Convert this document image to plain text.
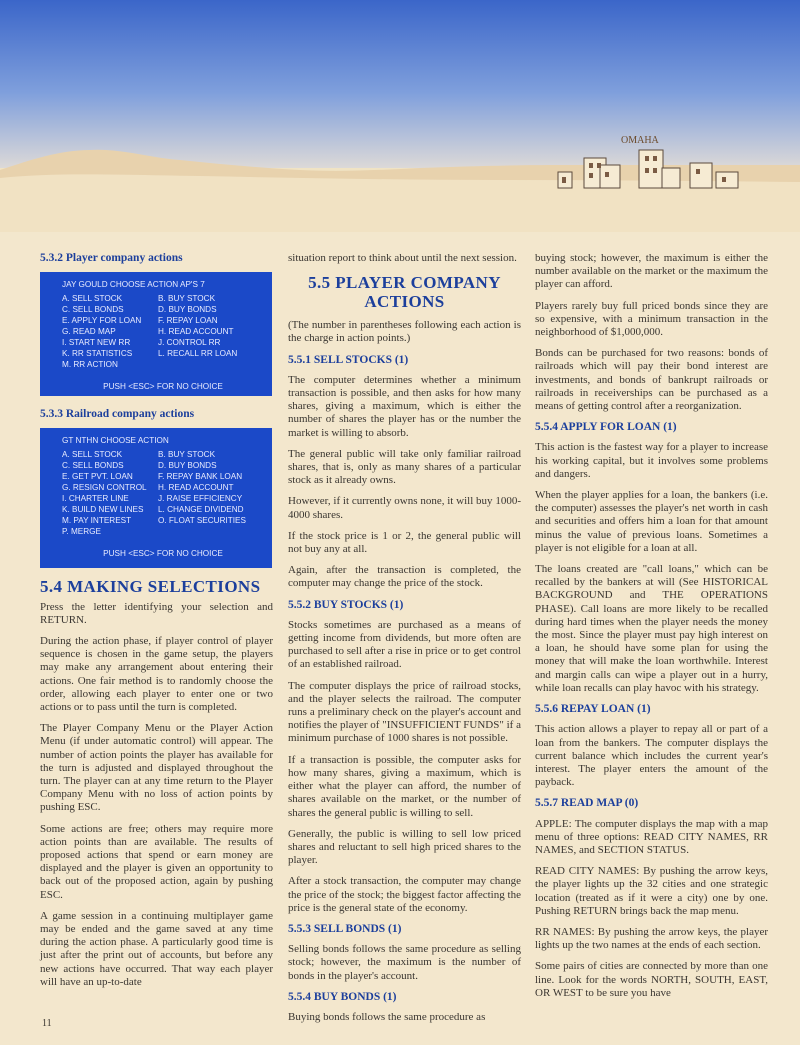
OMAHA
5.3.2 Player company actions
JAY GOULD CHOOSE ACTION AP'S 7
A. SELL STOCK	B. BUY STOCK
C. SELL BONDS	D. BUY BONDS
E. APPLY FOR LOAN	F. REPAY LOAN
G. READ MAP	H. READ ACCOUNT
I. START NEW RR	J. CONTROL RR
K. RR STATISTICS	L. RECALL RR LOAN
M. RR ACTION
PUSH <ESC> FOR NO CHOICE
5.3.3 Railroad company actions
GT NTHN CHOOSE ACTION
A. SELL STOCK	B. BUY STOCK
C. SELL BONDS	D. BUY BONDS
E. GET PVT. LOAN	F. REPAY BANK LOAN
G. RESIGN CONTROL	H. READ ACCOUNT
I. CHARTER LINE	J. RAISE EFFICIENCY
K. BUILD NEW LINES	L. CHANGE DIVIDEND
M. PAY INTEREST	O. FLOAT SECURITIES
P. MERGE
PUSH <ESC> FOR NO CHOICE
5.4 MAKING SELECTIONS

Press the letter identifying your selection and RETURN.

During the action phase, if player control of player sequence is chosen in the game setup, the players may make any arrangement about entering their actions. One fair method is to randomly choose the order, allowing each player to enter one or two actions or to pass until the turn is completed.

The Player Company Menu or the Player Action Menu (if under automatic control) will appear. The number of action points the player has available for the turn is adjusted and displayed throughout the turn. The player can at any time return to the Player Company Menu with no loss of action points by pushing ESC.

Some actions are free; others may require more action points than are available. The results of proposed actions that spend or earn money are displayed and the player is given an opportunity to back out of the proposed action, again by pushing ESC.

A game session in a continuing multiplayer game may be ended and the game saved at any time during the action phase. A particularly good time is just after the print out of accounts, but before any new actions have occurred. That way each player will have an up-to-date

situation report to think about until the next session.

5.5 PLAYER COMPANY ACTIONS

(The number in parentheses following each action is the charge in action points.)

5.5.1 SELL STOCKS (1)

The computer determines whether a minimum transaction is possible, and then asks for how many shares, giving a maximum, which is either the number of shares the player has or the number the market is willing to absorb.

The general public will take only familiar railroad shares, that is, only as many shares of a particular stock as it already owns.

However, if it currently owns none, it will buy 1000-4000 shares.

If the stock price is 1 or 2, the general public will not buy any at all.

Again, after the transaction is completed, the computer may change the price of the stock.

5.5.2 BUY STOCKS (1)

Stocks sometimes are purchased as a means of getting income from dividends, but more often are purchased to sell after a rise in price or to get control of an established railroad.

The computer displays the price of railroad stocks, and the player selects the railroad. The computer runs a preliminary check on the player's account and notifies the player of "INSUFFICIENT FUNDS" if a minimum purchase of 1000 shares is not possible.

If a transaction is possible, the computer asks for how many shares, giving a maximum, which is either what the player can afford, the number of shares available on the market, or the number of shares the general public is willing to sell.

Generally, the public is willing to sell low priced shares and reluctant to sell high priced shares to the player.

After a stock transaction, the computer may change the price of the stock; the biggest factor affecting the price is the general state of the economy.

5.5.3 SELL BONDS (1)

Selling bonds follows the same procedure as selling stock; however, the maximum is the number of bonds in the player's account.

5.5.4 BUY BONDS (1)

Buying bonds follows the same procedure as

buying stock; however, the maximum is either the number available on the market or the maximum the player can afford.

Players rarely buy full priced bonds since they are so expensive, with a minimum transaction in the neighborhood of $1,000,000.

Bonds can be purchased for two reasons: bonds of railroads which will pay their bond interest are investments, and bonds of bankrupt railroads or railroads in receiverships can be purchased as a means of getting control after a reorganization.

5.5.4 APPLY FOR LOAN (1)

This action is the fastest way for a player to increase his working capital, but it involves some problems and dangers.

When the player applies for a loan, the bankers (i.e. the computer) assesses the player's net worth in cash and securities and offers him a loan for that amount minus the value of previous loans. Sometimes a player is not eligible for a loan at all.

The loans created are "call loans," which can be recalled by the bankers at will (See HISTORICAL BACKGROUND and THE OPERATIONS PHASE). Call loans are more likely to be recalled during hard times when the player needs the money the most. Since the player must pay high interest on a loan, he should have some plan for using the money that will make the loan worthwhile. Interest and margin calls can wipe a player out in a hurry, while loan recalls can play havoc with his strategy.

5.5.6 REPAY LOAN (1)

This action allows a player to repay all or part of a loan from the bankers. The computer displays the current balance which includes the current year's interest. The player enters the amount of the payback.

5.5.7 READ MAP (0)

APPLE: The computer displays the map with a map menu of three options: READ CITY NAMES, RR NAMES, and SECTION STATUS.

READ CITY NAMES: By pushing the arrow keys, the player lights up the 32 cities and one strategic location (treated as if it were a city) one by one. Pushing RETURN brings back the map menu.

RR NAMES: By pushing the arrow keys, the player lights up the two names at the ends of each section.

Some pairs of cities are connected by more than one line. Look for the words NORTH, SOUTH, EAST, OR WEST to be sure you have

11
